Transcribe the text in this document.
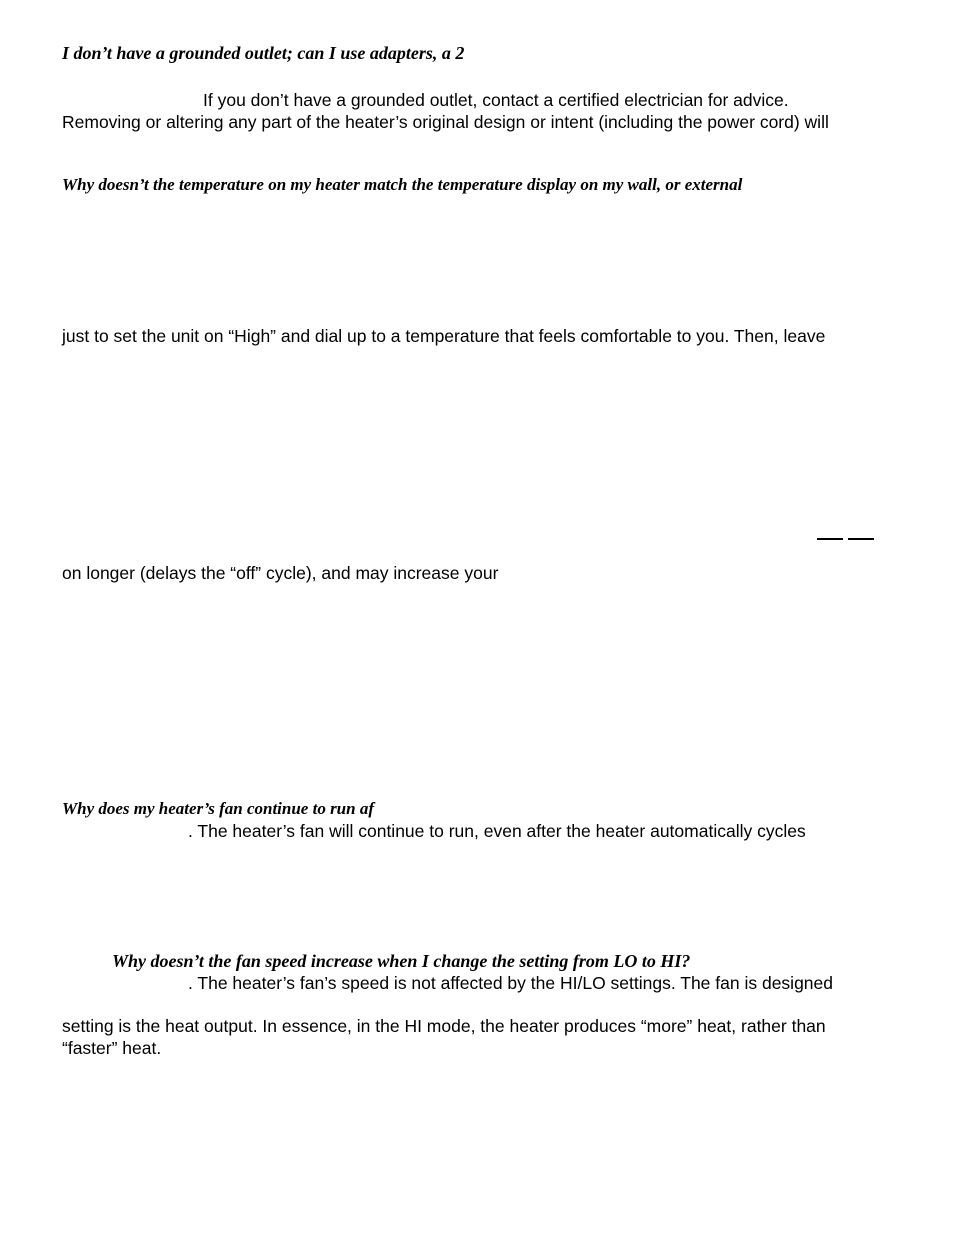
I don’t have a grounded outlet; can I use adapters, a 2

If you don’t have a grounded outlet, contact a certified electrician for advice.

Removing or altering any part of the heater’s original design or intent (including the power cord) will

Why doesn’t the temperature on my heater match the temperature display on my wall, or external

just to set the unit on “High” and dial up to a temperature that feels comfortable to you. Then, leave

on longer (delays the “off” cycle), and may increase your

Why does my heater’s fan continue to run af

. The heater’s fan will continue to run, even after the heater automatically cycles

Why doesn’t the fan speed increase when I change the setting from LO to HI?

. The heater’s fan’s speed is not affected by the HI/LO settings. The fan is designed

setting is the heat output. In essence, in the HI mode, the heater produces “more” heat, rather than

“faster” heat.
